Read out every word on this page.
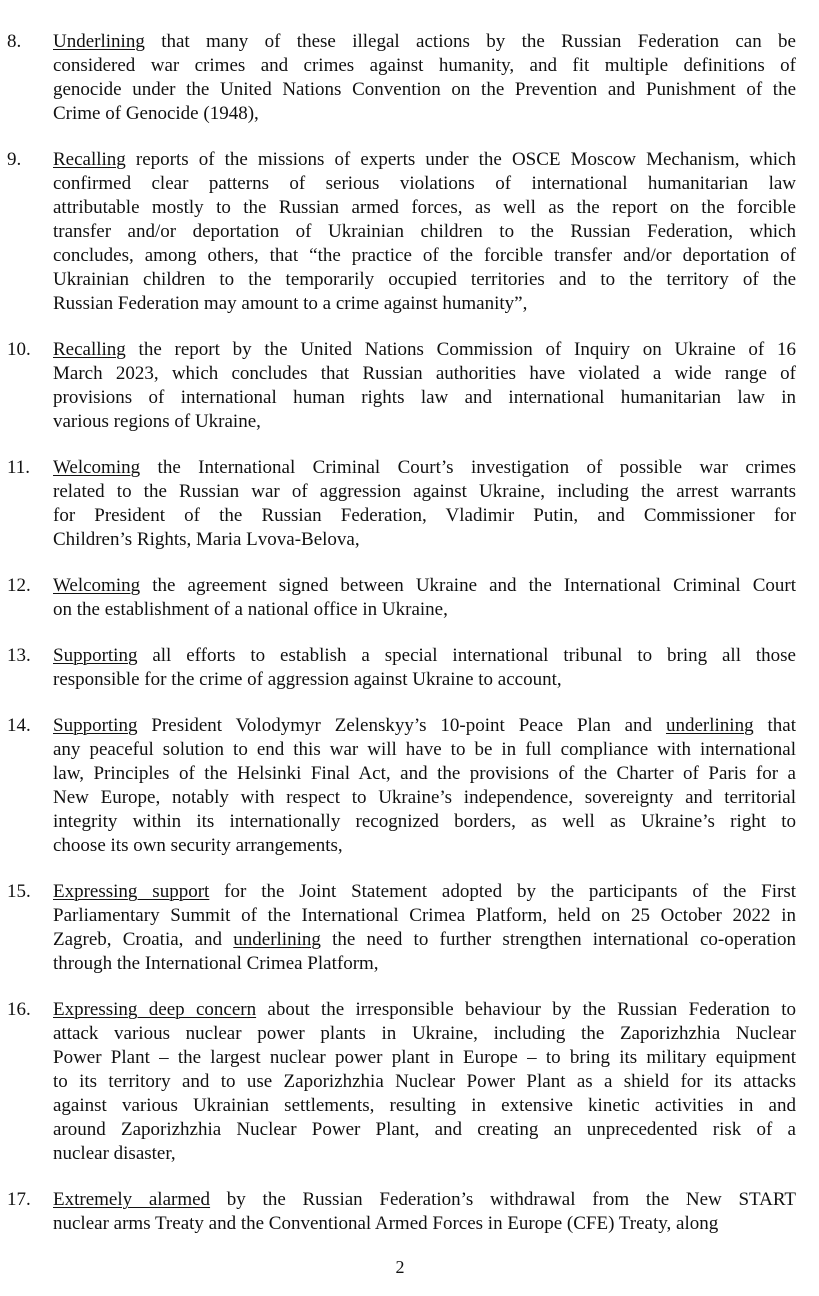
8. Underlining that many of these illegal actions by the Russian Federation can be
considered war crimes and crimes against humanity, and fit multiple definitions of
genocide under the United Nations Convention on the Prevention and Punishment of the
Crime of Genocide (1948),
9. Recalling reports of the missions of experts under the OSCE Moscow Mechanism, which
confirmed clear patterns of serious violations of international humanitarian law
attributable mostly to the Russian armed forces, as well as the report on the forcible
transfer and/or deportation of Ukrainian children to the Russian Federation, which
concludes, among others, that “the practice of the forcible transfer and/or deportation of
Ukrainian children to the temporarily occupied territories and to the territory of the
Russian Federation may amount to a crime against humanity”,
10. Recalling the report by the United Nations Commission of Inquiry on Ukraine of 16
March 2023, which concludes that Russian authorities have violated a wide range of
provisions of international human rights law and international humanitarian law in
various regions of Ukraine,
11. Welcoming the International Criminal Court’s investigation of possible war crimes
related to the Russian war of aggression against Ukraine, including the arrest warrants
for President of the Russian Federation, Vladimir Putin, and Commissioner for
Children’s Rights, Maria Lvova-Belova,
12. Welcoming the agreement signed between Ukraine and the International Criminal Court
on the establishment of a national office in Ukraine,
13. Supporting all efforts to establish a special international tribunal to bring all those
responsible for the crime of aggression against Ukraine to account,
14. Supporting President Volodymyr Zelenskyy’s 10-point Peace Plan and underlining that
any peaceful solution to end this war will have to be in full compliance with international
law, Principles of the Helsinki Final Act, and the provisions of the Charter of Paris for a
New Europe, notably with respect to Ukraine’s independence, sovereignty and territorial
integrity within its internationally recognized borders, as well as Ukraine’s right to
choose its own security arrangements,
15. Expressing support for the Joint Statement adopted by the participants of the First
Parliamentary Summit of the International Crimea Platform, held on 25 October 2022 in
Zagreb, Croatia, and underlining the need to further strengthen international co-operation
through the International Crimea Platform,
16. Expressing deep concern about the irresponsible behaviour by the Russian Federation to
attack various nuclear power plants in Ukraine, including the Zaporizhzhia Nuclear
Power Plant – the largest nuclear power plant in Europe – to bring its military equipment
to its territory and to use Zaporizhzhia Nuclear Power Plant as a shield for its attacks
against various Ukrainian settlements, resulting in extensive kinetic activities in and
around Zaporizhzhia Nuclear Power Plant, and creating an unprecedented risk of a
nuclear disaster,
17. Extremely alarmed by the Russian Federation’s withdrawal from the New START
nuclear arms Treaty and the Conventional Armed Forces in Europe (CFE) Treaty, along
2
